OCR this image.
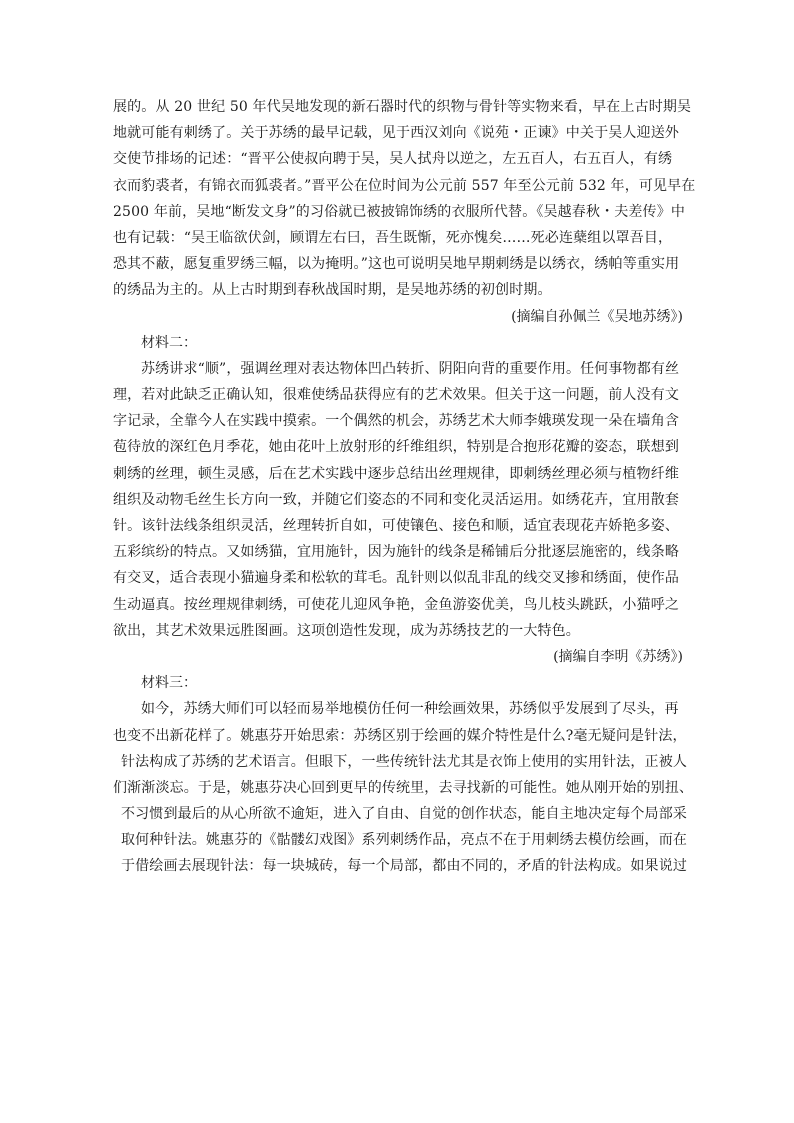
展的。从 20 世纪 50 年代吴地发现的新石器时代的织物与骨针等实物来看，早在上古时期吴
地就可能有刺绣了。关于苏绣的最早记载，见于西汉刘向《说苑・正谏》中关于吴人迎送外
交使节排场的记述：“晋平公使叔向聘于吴，吴人拭舟以逆之，左五百人，右五百人，有绣
衣而豹裘者，有锦衣而狐裘者。”晋平公在位时间为公元前 557 年至公元前 532 年，可见早在
2500 年前，吴地“断发文身”的习俗就已被披锦饰绣的衣服所代替。《吴越春秋・夫差传》中
也有记载：“吴王临欲伏剑，顾谓左右曰，吾生既惭，死亦愧矣……死必连蘖组以罩吾目，
恐其不蔽，愿复重罗绣三幅，以为掩明。”这也可说明吴地早期刺绣是以绣衣，绣帕等重实用
的绣品为主的。从上古时期到春秋战国时期，是吴地苏绣的初创时期。
(摘编自孙佩兰《吴地苏绣》)
材料二：
苏绣讲求“顺”，强调丝理对表达物体凹凸转折、阴阳向背的重要作用。任何事物都有丝
理，若对此缺乏正确认知，很难使绣品获得应有的艺术效果。但关于这一问题，前人没有文
字记录，全靠今人在实践中摸索。一个偶然的机会，苏绣艺术大师李娥瑛发现一朵在墙角含
苞待放的深红色月季花，她由花叶上放射形的纤维组织，特别是合抱形花瓣的姿态，联想到
刺绣的丝理，顿生灵感，后在艺术实践中逐步总结出丝理规律，即刺绣丝理必须与植物纤维
组织及动物毛丝生长方向一致，并随它们姿态的不同和变化灵活运用。如绣花卉，宜用散套
针。该针法线条组织灵活，丝理转折自如，可使镶色、接色和顺，适宜表现花卉娇艳多姿、
五彩缤纷的特点。又如绣猫，宜用施针，因为施针的线条是稀铺后分批逐层施密的，线条略
有交叉，适合表现小猫遍身柔和松软的茸毛。乱针则以似乱非乱的线交叉掺和绣面，使作品
生动逼真。按丝理规律刺绣，可使花儿迎风争艳，金鱼游姿优美，鸟儿枝头跳跃，小猫呼之
欲出，其艺术效果远胜图画。这项创造性发现，成为苏绣技艺的一大特色。
(摘编自李明《苏绣》)
材料三：
如今，苏绣大师们可以轻而易举地模仿任何一种绘画效果，苏绣似乎发展到了尽头，再
也变不出新花样了。姚惠芬开始思索：苏绣区别于绘画的媒介特性是什么?毫无疑问是针法，
针法构成了苏绣的艺术语言。但眼下，一些传统针法尤其是衣饰上使用的实用针法，正被人
们渐渐淡忘。于是，姚惠芬决心回到更早的传统里，去寻找新的可能性。她从刚开始的别扭、
不习惯到最后的从心所欲不逾矩，进入了自由、自觉的创作状态，能自主地决定每个局部采
取何种针法。姚惠芬的《骷髅幻戏图》系列刺绣作品，亮点不在于用刺绣去模仿绘画，而在
于借绘画去展现针法：每一块城砖，每一个局部，都由不同的，矛盾的针法构成。如果说过
